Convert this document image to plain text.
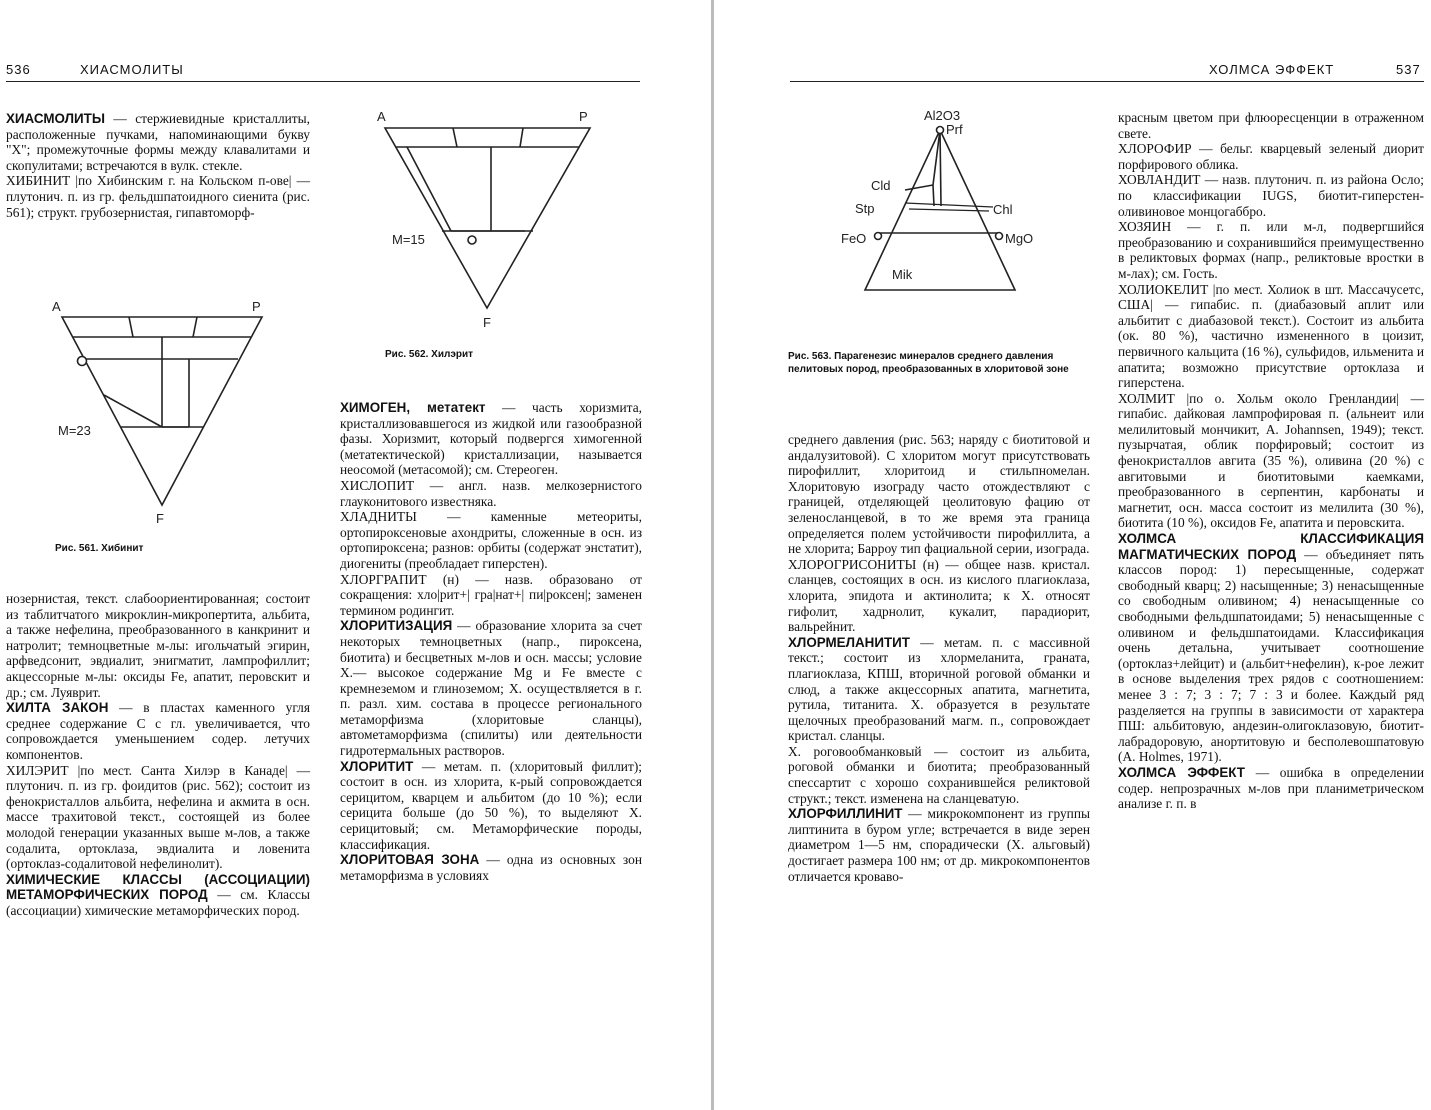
536	ХИАСМОЛИТЫ	ХОЛМСА ЭФФЕКТ	537

ХИАСМОЛИТЫ — стержиевидные кристаллиты, расположенные пучками, напоминающими букву "Х"; промежуточные формы между клавалитами и скопулитами; встречаются в вулк. стекле.

ХИБИНИТ |по Хибинским г. на Кольском п-ове| — плутонич. п. из гр. фельдшпатоидного сиенита (рис. 561); структ. грубозернистая, гипавтоморф-

A	P
F
M=23
Рис. 561. Хибинит

нозернистая, текст. слабоориентированная; состоит из таблитчатого микроклин-микропертита, альбита, а также нефелина, преобразованного в канкринит и натролит; темноцветные м-лы: игольчатый эгирин, арфведсонит, эвдиалит, энигматит, лампрофиллит; акцессорные м-лы: оксиды Fe, апатит, перовскит и др.; см. Луяврит.

ХИЛТА ЗАКОН — в пластах каменного угля среднее содержание С с гл. увеличивается, что сопровождается уменьшением содер. летучих компонентов.

ХИЛЭРИТ |по мест. Санта Хилэр в Канаде| — плутонич. п. из гр. фоидитов (рис. 562); состоит из фенокристаллов альбита, нефелина и акмита в осн. массе трахитовой текст., состоящей из более молодой генерации указанных выше м-лов, а также содалита, ортоклаза, эвдиалита и ловенита (ортоклаз-содалитовой нефелинолит).

ХИМИЧЕСКИЕ КЛАССЫ (АССОЦИАЦИИ) МЕТАМОРФИЧЕСКИХ ПОРОД — см. Классы (ассоциации) химические метаморфических пород.

A	P
F
M=15
Рис. 562. Хилэрит

ХИМОГЕН, метатект — часть хоризмита, кристаллизовавшегося из жидкой или газообразной фазы. Хоризмит, который подвергся химогенной (метатектической) кристаллизации, называется неосомой (метасомой); см. Стереоген.

ХИСЛОПИТ — англ. назв. мелкозернистого глауконитового известняка.

ХЛАДНИТЫ — каменные метеориты, ортопироксеновые ахондриты, сложенные в осн. из ортопироксена; разнов: орбиты (содержат энстатит), диогениты (преобладает гиперстен).

ХЛОРГРАПИТ (н) — назв. образовано от сокращения: хло|рит+| гра|нат+| пи|роксен|; заменен термином родингит.

ХЛОРИТИЗАЦИЯ — образование хлорита за счет некоторых темноцветных (напр., пироксена, биотита) и бесцветных м-лов и осн. массы; условие Х.— высокое содержание Mg и Fe вместе с кремнеземом и глиноземом; Х. осуществляется в г. п. разл. хим. состава в процессе регионального метаморфизма (хлоритовые сланцы), автометаморфизма (спилиты) или деятельности гидротермальных растворов.

ХЛОРИТИТ — метам. п. (хлоритовый филлит); состоит в осн. из хлорита, к-рый сопровождается серицитом, кварцем и альбитом (до 10 %); если серицита больше (до 50 %), то выделяют Х. серицитовый; см. Метаморфические породы, классификация.

ХЛОРИТОВАЯ ЗОНА — одна из основных зон метаморфизма в условиях

Al2O3
Prf
Cld
Stp	Chl
FeO	MgO
Mik
Рис. 563. Парагенезис минералов среднего давления пелитовых пород, преобразованных в хлоритовой зоне

среднего давления (рис. 563; наряду с биотитовой и андалузитовой). С хлоритом могут присутствовать пирофиллит, хлоритоид и стильпномелан. Хлоритовую изограду часто отождествляют с границей, отделяющей цеолитовую фацию от зеленосланцевой, в то же время эта граница определяется полем устойчивости пирофиллита, а не хлорита; Барроу тип фациальной серии, изограда.

ХЛОРОГРИСОНИТЫ (н) — общее назв. кристал. сланцев, состоящих в осн. из кислого плагиоклаза, хлорита, эпидота и актинолита; к Х. относят гифолит, хадрнолит, кукалит, парадиорит, вальрейнит.

ХЛОРМЕЛАНИТИТ — метам. п. с массивной текст.; состоит из хлормеланита, граната, плагиоклаза, КПШ, вторичной роговой обманки и слюд, а также акцессорных апатита, магнетита, рутила, титанита. Х. образуется в результате щелочных преобразований магм. п., сопровождает кристал. сланцы.

Х. роговообманковый — состоит из альбита, роговой обманки и биотита; преобразованный спессартит с хорошо сохранившейся реликтовой структ.; текст. изменена на сланцеватую.

ХЛОРФИЛЛИНИТ — микрокомпонент из группы липтинита в буром угле; встречается в виде зерен диаметром 1—5 нм, спорадически (Х. альговый) достигает размера 100 нм; от др. микрокомпонентов отличается кроваво-

красным цветом при флюоресценции в отраженном свете.

ХЛОРОФИР — бельг. кварцевый зеленый диорит порфирового облика.

ХОВЛАНДИТ — назв. плутонич. п. из района Осло; по классификации IUGS, биотит-гиперстен-оливиновое монцогаббро.

ХОЗЯИН — г. п. или м-л, подвергшийся преобразованию и сохранившийся преимущественно в реликтовых формах (напр., реликтовые вростки в м-лах); см. Гость.

ХОЛИОКЕЛИТ |по мест. Холиок в шт. Массачусетс, США| — гипабис. п. (диабазовый аплит или альбитит с диабазовой текст.). Состоит из альбита (ок. 80 %), частично измененного в цоизит, первичного кальцита (16 %), сульфидов, ильменита и апатита; возможно присутствие ортоклаза и гиперстена.

ХОЛМИТ |по о. Хольм около Гренландии| — гипабис. дайковая лампрофировая п. (альнеит или мелилитовый мончикит, A. Johannsen, 1949); текст. пузырчатая, облик порфировый; состоит из фенокристаллов авгита (35 %), оливина (20 %) с авгитовыми и биотитовыми каемками, преобразованного в серпентин, карбонаты и магнетит, осн. масса состоит из мелилита (30 %), биотита (10 %), оксидов Fe, апатита и перовскита.

ХОЛМСА КЛАССИФИКАЦИЯ МАГМАТИЧЕСКИХ ПОРОД — объединяет пять классов пород: 1) пересыщенные, содержат свободный кварц; 2) насыщенные; 3) ненасыщенные со свободным оливином; 4) ненасыщенные со свободными фельдшпатоидами; 5) ненасыщенные с оливином и фельдшпатоидами. Классификация очень детальна, учитывает соотношение (ортоклаз+лейцит) и (альбит+нефелин), к-рое лежит в основе выделения трех рядов с соотношением: менее 3 : 7; 3 : 7; 7 : 3 и более. Каждый ряд разделяется на группы в зависимости от характера ПШ: альбитовую, андезин-олигоклазовую, биотит-лабрадоровую, анортитовую и бесполевошпатовую (A. Holmes, 1971).

ХОЛМСА ЭФФЕКТ — ошибка в определении содер. непрозрачных м-лов при планиметрическом анализе г. п. в
